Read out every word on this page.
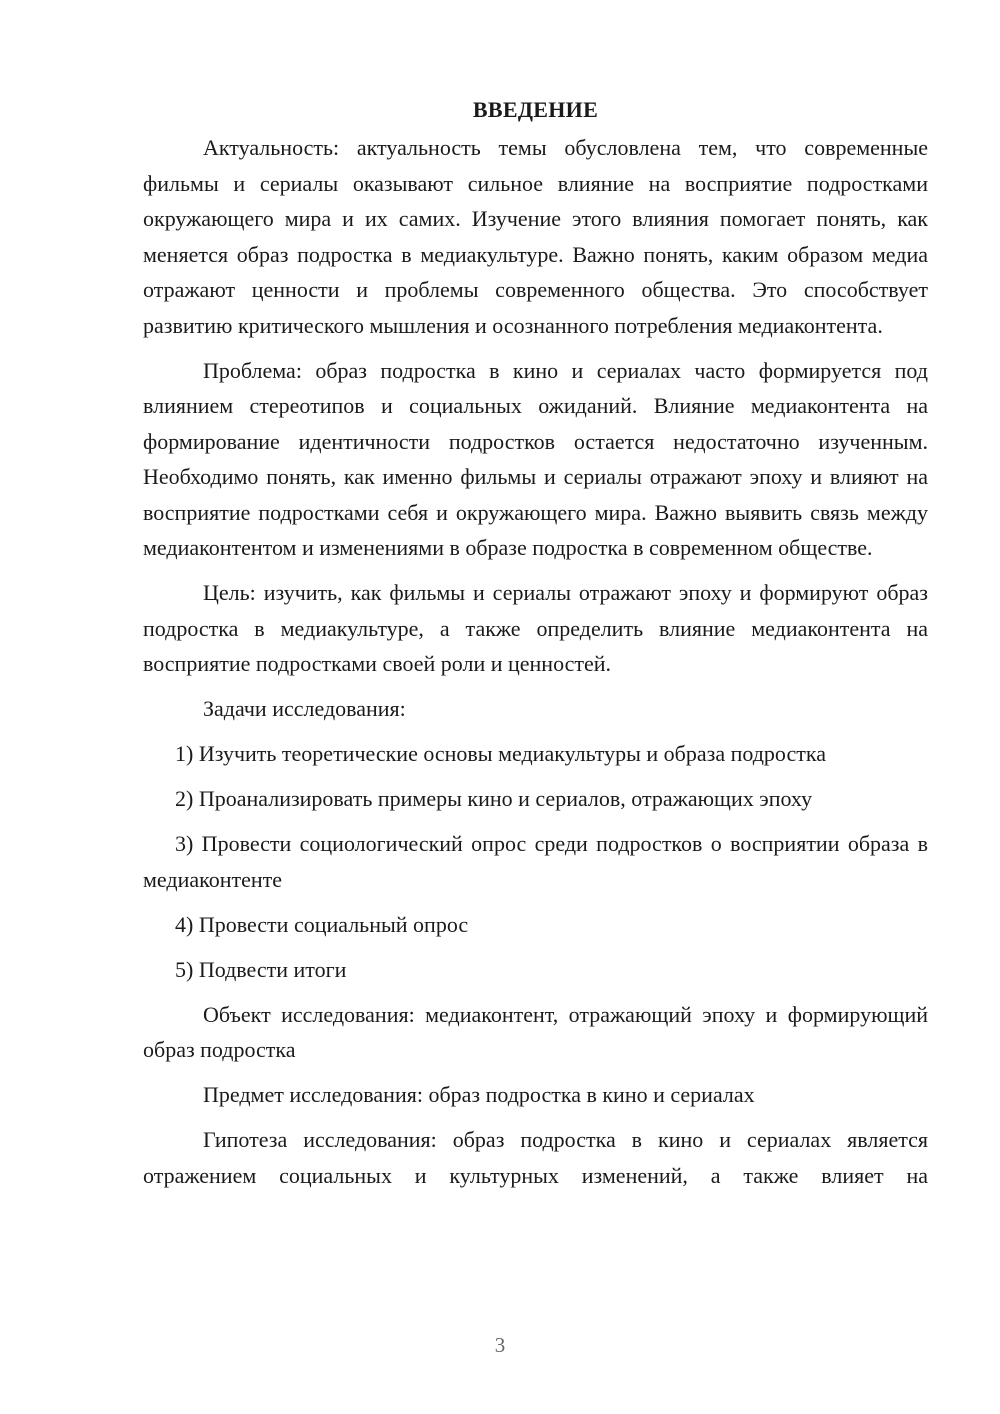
ВВЕДЕНИЕ

Актуальность: актуальность темы обусловлена тем, что современные фильмы и сериалы оказывают сильное влияние на восприятие подростками окружающего мира и их самих. Изучение этого влияния помогает понять, как меняется образ подростка в медиакультуре. Важно понять, каким образом медиа отражают ценности и проблемы современного общества. Это способствует развитию критического мышления и осознанного потребления медиаконтента.

Проблема: образ подростка в кино и сериалах часто формируется под влиянием стереотипов и социальных ожиданий. Влияние медиаконтента на формирование идентичности подростков остается недостаточно изученным. Необходимо понять, как именно фильмы и сериалы отражают эпоху и влияют на восприятие подростками себя и окружающего мира. Важно выявить связь между медиаконтентом и изменениями в образе подростка в современном обществе.

Цель: изучить, как фильмы и сериалы отражают эпоху и формируют образ подростка в медиакультуре, а также определить влияние медиаконтента на восприятие подростками своей роли и ценностей.

Задачи исследования:

1) Изучить теоретические основы медиакультуры и образа подростка

2) Проанализировать примеры кино и сериалов, отражающих эпоху

3) Провести социологический опрос среди подростков о восприятии образа в медиаконтенте

4) Провести социальный опрос

5) Подвести итоги

Объект исследования: медиаконтент, отражающий эпоху и формирующий образ подростка

Предмет исследования: образ подростка в кино и сериалах

Гипотеза исследования: образ подростка в кино и сериалах является отражением социальных и культурных изменений, а также влияет на

3
